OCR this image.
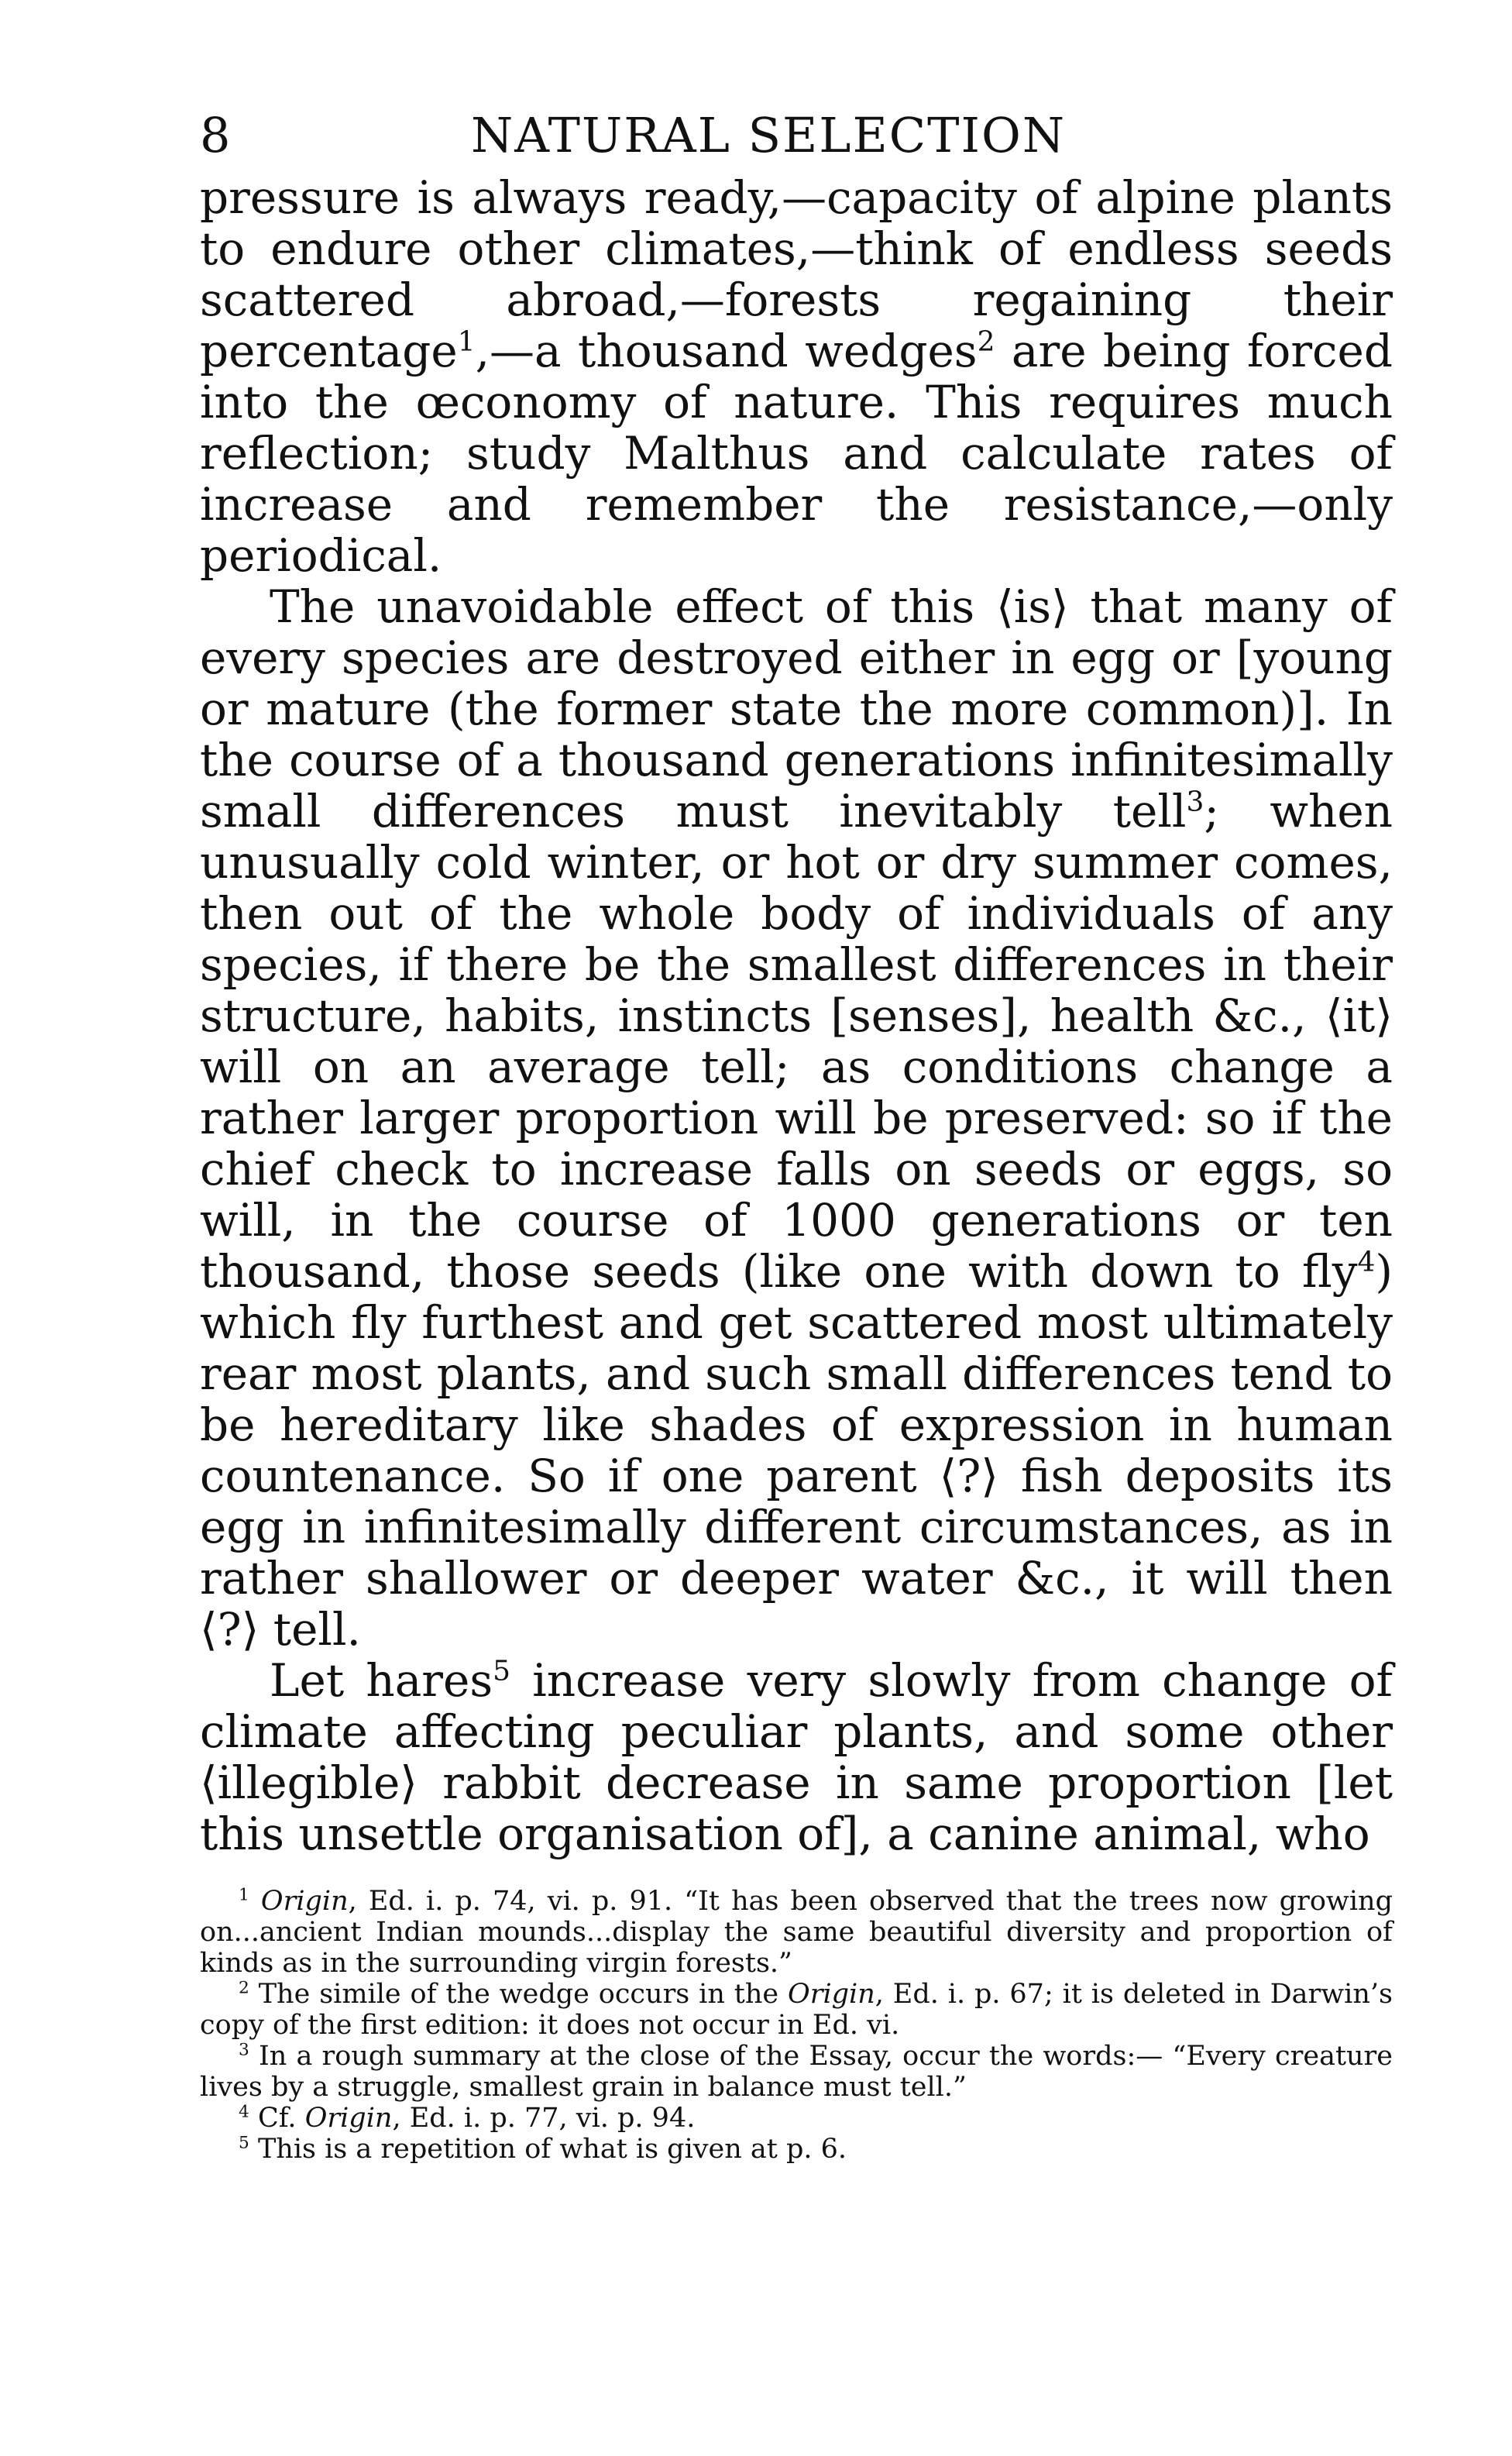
8	NATURAL SELECTION

pressure is always ready,—capacity of alpine plants to endure other climates,—think of endless seeds scattered abroad,—forests regaining their percentage$^1$,—a thousand wedges$^2$ are being forced into the œconomy of nature. This requires much reflection; study Malthus and calculate rates of increase and remember the resistance,—only periodical.

The unavoidable effect of this ⟨is⟩ that many of every species are destroyed either in egg or [young or mature (the former state the more common)]. In the course of a thousand generations infinitesimally small differences must inevitably tell$^3$; when unusually cold winter, or hot or dry summer comes, then out of the whole body of individuals of any species, if there be the smallest differences in their structure, habits, instincts [senses], health &c., ⟨it⟩ will on an average tell; as conditions change a rather larger proportion will be preserved: so if the chief check to increase falls on seeds or eggs, so will, in the course of 1000 generations or ten thousand, those seeds (like one with down to fly$^4$) which fly furthest and get scattered most ultimately rear most plants, and such small differences tend to be hereditary like shades of expression in human countenance. So if one parent ⟨?⟩ fish deposits its egg in infinitesimally different circumstances, as in rather shallower or deeper water &c., it will then ⟨?⟩ tell.

Let hares$^5$ increase very slowly from change of climate affecting peculiar plants, and some other ⟨illegible⟩ rabbit decrease in same proportion [let this unsettle organisation of], a canine animal, who

$^1$ Origin, Ed. i. p. 74, vi. p. 91. “It has been observed that the trees now growing on...ancient Indian mounds...display the same beautiful diversity and proportion of kinds as in the surrounding virgin forests.”

$^2$ The simile of the wedge occurs in the Origin, Ed. i. p. 67; it is deleted in Darwin’s copy of the first edition: it does not occur in Ed. vi.

$^3$ In a rough summary at the close of the Essay, occur the words:— “Every creature lives by a struggle, smallest grain in balance must tell.”

$^4$ Cf. Origin, Ed. i. p. 77, vi. p. 94.

$^5$ This is a repetition of what is given at p. 6.
